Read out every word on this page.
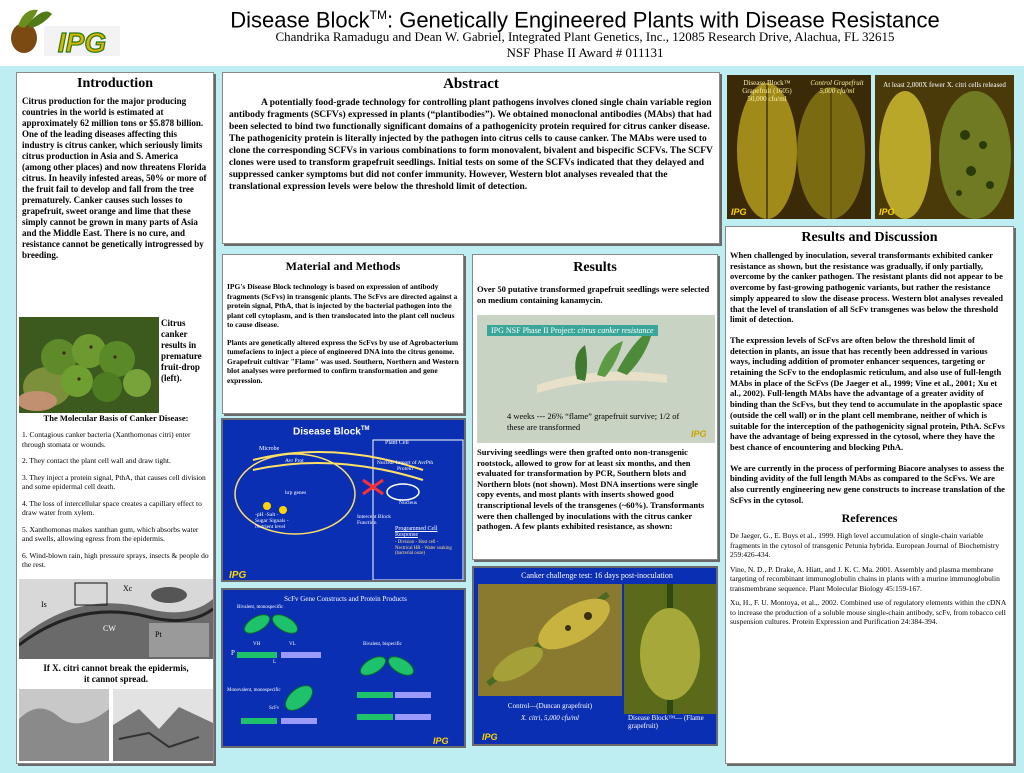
IPG
Disease Block™: Genetically Engineered Plants with Disease Resistance
Chandrika Ramadugu and Dean W. Gabriel, Integrated Plant Genetics, Inc., 12085 Research Drive, Alachua, FL 32615
NSF Phase II Award # 011131
Introduction

Citrus production for the major producing countries in the world is estimated at approximately 62 million tons or $5.878 billion. One of the leading diseases affecting this industry is citrus canker, which seriously limits citrus production in Asia and S. America (among other places) and now threatens Florida citrus. In heavily infested areas, 50% or more of the fruit fail to develop and fall from the tree prematurely. Canker causes such losses to grapefruit, sweet orange and lime that these simply cannot be grown in many parts of Asia and the Middle East. There is no cure, and resistance cannot be genetically introgressed by breeding.

Citrus canker results in premature fruit-drop (left).
The Molecular Basis of Canker Disease:

1. Contagious canker bacteria (Xanthomonas citri) enter through stomata or wounds.

2. They contact the plant cell wall and draw tight.

3. They inject a protein signal, PthA, that causes cell division and some epidermal cell death.

4. The loss of intercellular space creates a capillary effect to draw water from xylem.

5. Xanthomonas makes xanthan gum, which absorbs water and swells, allowing egress from the epidermis.

6. Wind-blown rain, high pressure sprays, insects & people do the rest.

Is
Xc
CW
Pt
If X. citri cannot break the epidermis,
it cannot spread.
Abstract

A potentially food-grade technology for controlling plant pathogens involves cloned single chain variable region antibody fragments (SCFVs) expressed in plants (“plantibodies”). We obtained monoclonal antibodies (MAbs) that had been selected to bind two functionally significant domains of a pathogenicity protein required for citrus canker disease. The pathogenicity protein is literally injected by the pathogen into citrus cells to cause canker. The MAbs were used to clone the corresponding SCFVs in various combinations to form monovalent, bivalent and bispecific SCFVs. The SCFV clones were used to transform grapefruit seedlings. Initial tests on some of the SCFVs indicated that they delayed and suppressed canker symptoms but did not confer immunity. However, Western blot analyses revealed that the translational expression levels were below the threshold limit of detection.

Disease Block™ Grapefruit (1605) 50,000 cfu/ml
Control Grapefruit 5,000 cfu/ml
IPG
At least 2,000X fewer X. citri cells released
IPG
Material and Methods

IPG's Disease Block technology is based on expression of antibody fragments (ScFvs) in transgenic plants. The ScFvs are directed against a protein signal, PthA, that is injected by the bacterial pathogen into the plant cell cytoplasm, and is then translocated into the plant cell nucleus to cause disease.

Plants are genetically altered express the ScFvs by use of Agrobacterium tumefaciens to inject a piece of engineered DNA into the citrus genome. Grapefruit cultivar "Flame" was used. Southern, Northern and Western blot analyses were performed to confirm transformation and gene expression.

Disease Block™
Plant Cell
Microbe
Avr Prot	Nuclear Import of AvrPth Protein
hrp genes
Nucleus
-pH -Salt -Sugar Signals -Nutrient level
Intercept Block Function
Programmed Cell Response
- Division - Host cell - Nectrical HR - Water soaking (bacterial ooze)
IPG
ScFv Gene Constructs and Protein Products
Bivalent, monospecific
Bivalent, bispecific
Monovalent, monospecific
ScFv
VH	VL
L
P
IPG
Results
Over 50 putative transformed grapefruit seedlings were selected on medium containing kanamycin.
IPG NSF Phase II Project: citrus canker resistance
4 weeks --- 26% “flame” grapefruit survive; 1/2 of these are transformed
IPG
Surviving seedlings were then grafted onto non-transgenic rootstock, allowed to grow for at least six months, and then evaluated for transformation by PCR, Southern blots and Northern blots (not shown). Most DNA insertions were single copy events, and most plants with inserts showed good transcriptional levels of the transgenes (~60%). Transformants were then challenged by inoculations with the citrus canker pathogen. A few plants exhibited resistance, as shown:
Canker challenge test: 16 days post-inoculation
Control—(Duncan grapefruit)
X. citri, 5,000 cfu/ml	Disease Block™— (Flame grapefruit)
IPG
Results and Discussion

When challenged by inoculation, several transformants exhibited canker resistance as shown, but the resistance was gradually, if only partially, overcome by the canker pathogen. The resistant plants did not appear to be overcome by fast-growing pathogenic variants, but rather the resistance simply appeared to slow the disease process. Western blot analyses revealed that the level of translation of all ScFv transgenes was below the threshold limit of detection.

The expression levels of ScFvs are often below the threshold limit of detection in plants, an issue that has recently been addressed in various ways, including addition of promoter enhancer sequences, targeting or retaining the ScFv to the endoplasmic reticulum, and also use of full-length MAbs in place of the ScFvs (De Jaeger et al., 1999; Vine et al., 2001; Xu et al., 2002). Full-length MAbs have the advantage of a greater avidity of binding than the ScFvs, but they tend to accumulate in the apoplastic space (outside the cell wall) or in the plant cell membrane, neither of which is suitable for the interception of the pathogenicity signal protein, PthA. ScFvs have the advantage of being expressed in the cytosol, where they have the best chance of encountering and blocking PthA.

We are currently in the process of performing Biacore analyses to assess the binding avidity of the full length MAbs as compared to the ScFvs. We are also currently engineering new gene constructs to increase translation of the ScFvs in the cytosol.

References

De Jaeger, G., E. Buys et al., 1999. High level accumulation of single-chain variable fragments in the cytosol of transgenic Petunia hybrida. European Journal of Biochemistry 259:426-434.

Vine, N. D., P. Drake, A. Hiatt, and J. K. C. Ma. 2001. Assembly and plasma membrane targeting of recombinant immunoglobulin chains in plants with a murine immunoglobulin transmembrane sequence. Plant Molecular Biology 45:159-167.

Xu, H., F. U. Montoya, et al.,. 2002. Combined use of regulatory elements within the cDNA to increase the production of a soluble mouse single-chain antibody, scFv, from tobacco cell suspension cultures. Protein Expression and Purification 24:384-394.
